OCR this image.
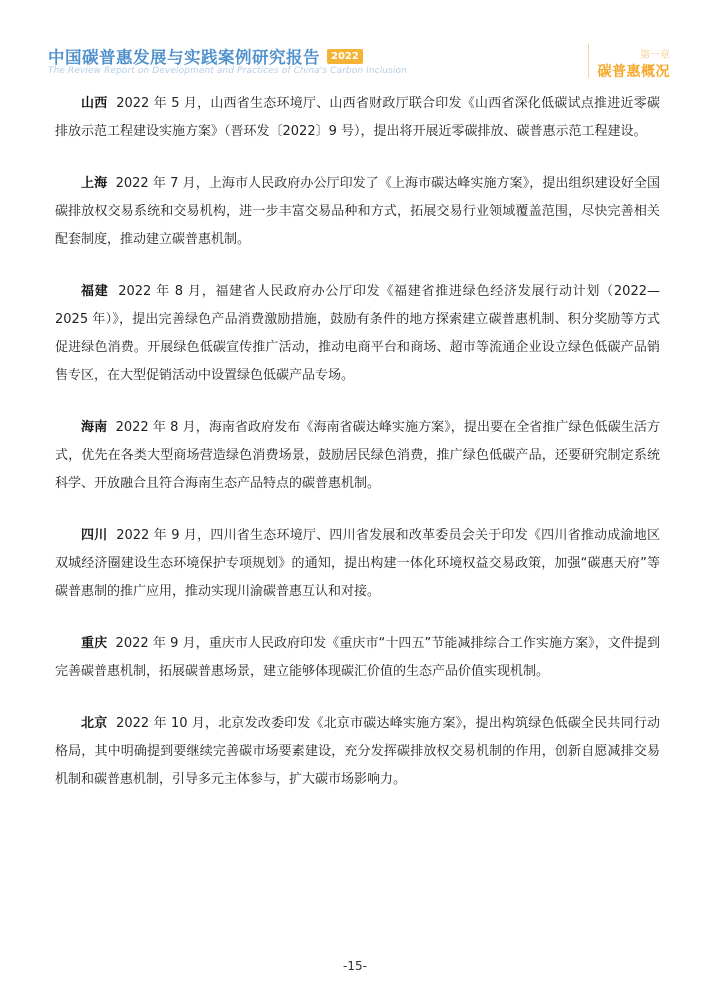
中国碳普惠发展与实践案例研究报告	2022
The Review Report on Development and Practices of China's Carbon Inclusion
第一章
碳普惠概况

山西 2022 年 5 月，山西省生态环境厅、山西省财政厅联合印发《山西省深化低碳试点推进近零碳排放示范工程建设实施方案》（晋环发〔2022〕9 号），提出将开展近零碳排放、碳普惠示范工程建设。

上海 2022 年 7 月，上海市人民政府办公厅印发了《上海市碳达峰实施方案》，提出组织建设好全国碳排放权交易系统和交易机构，进一步丰富交易品种和方式，拓展交易行业领域覆盖范围，尽快完善相关配套制度，推动建立碳普惠机制。

福建 2022 年 8 月，福建省人民政府办公厅印发《福建省推进绿色经济发展行动计划（2022—2025 年）》，提出完善绿色产品消费激励措施，鼓励有条件的地方探索建立碳普惠机制、积分奖励等方式促进绿色消费。开展绿色低碳宣传推广活动，推动电商平台和商场、超市等流通企业设立绿色低碳产品销售专区，在大型促销活动中设置绿色低碳产品专场。

海南 2022 年 8 月，海南省政府发布《海南省碳达峰实施方案》，提出要在全省推广绿色低碳生活方式，优先在各类大型商场营造绿色消费场景，鼓励居民绿色消费，推广绿色低碳产品，还要研究制定系统科学、开放融合且符合海南生态产品特点的碳普惠机制。

四川 2022 年 9 月，四川省生态环境厅、四川省发展和改革委员会关于印发《四川省推动成渝地区双城经济圈建设生态环境保护专项规划》的通知，提出构建一体化环境权益交易政策，加强“碳惠天府”等碳普惠制的推广应用，推动实现川渝碳普惠互认和对接。

重庆 2022 年 9 月，重庆市人民政府印发《重庆市“十四五”节能减排综合工作实施方案》，文件提到完善碳普惠机制，拓展碳普惠场景，建立能够体现碳汇价值的生态产品价值实现机制。

北京 2022 年 10 月，北京发改委印发《北京市碳达峰实施方案》，提出构筑绿色低碳全民共同行动格局，其中明确提到要继续完善碳市场要素建设，充分发挥碳排放权交易机制的作用，创新自愿减排交易机制和碳普惠机制，引导多元主体参与，扩大碳市场影响力。

-15-
